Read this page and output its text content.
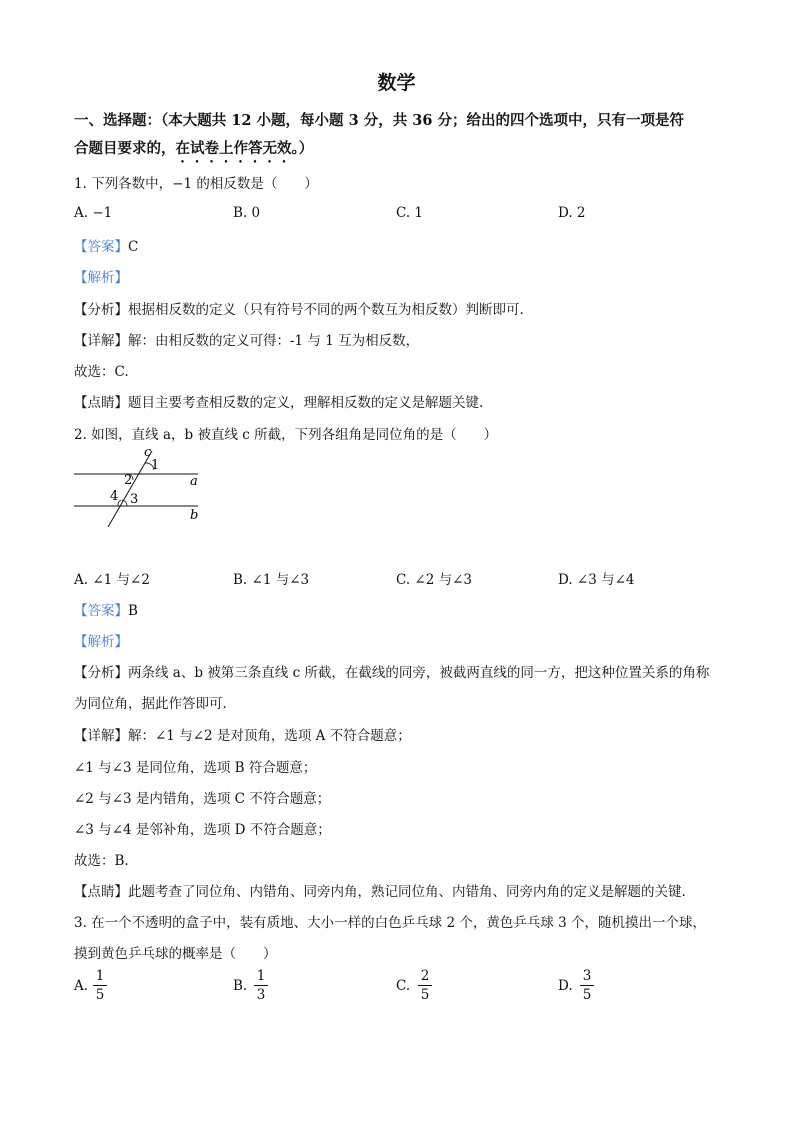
数学
一、选择题：（本大题共 12 小题，每小题 3 分，共 36 分；给出的四个选项中，只有一项是符
合题目要求的，在试卷上作答无效。）
1. 下列各数中，−1 的相反数是（　　）
A. −1	B. 0	C. 1	D. 2
【答案】C
【解析】
【分析】根据相反数的定义（只有符号不同的两个数互为相反数）判断即可.
【详解】解：由相反数的定义可得：-1 与 1 互为相反数，
故选：C.
【点睛】题目主要考查相反数的定义，理解相反数的定义是解题关键.
2. 如图，直线 a，b 被直线 c 所截，下列各组角是同位角的是（　　）
c
a
b
1
2
4 3
A. ∠1 与∠2	B. ∠1 与∠3	C. ∠2 与∠3	D. ∠3 与∠4
【答案】B
【解析】
【分析】两条线 a、b 被第三条直线 c 所截，在截线的同旁，被截两直线的同一方，把这种位置关系的角称
为同位角，据此作答即可.
【详解】解：∠1 与∠2 是对顶角，选项 A 不符合题意；
∠1 与∠3 是同位角，选项 B 符合题意；
∠2 与∠3 是内错角，选项 C 不符合题意；
∠3 与∠4 是邻补角，选项 D 不符合题意；
故选：B.
【点睛】此题考查了同位角、内错角、同旁内角，熟记同位角、内错角、同旁内角的定义是解题的关键.
3. 在一个不透明的盒子中，装有质地、大小一样的白色乒乓球 2 个，黄色乒乓球 3 个，随机摸出一个球，
摸到黄色乒乓球的概率是（　　）
A.
1
5
B.
1
3
C.
2
5
D.
3
5
